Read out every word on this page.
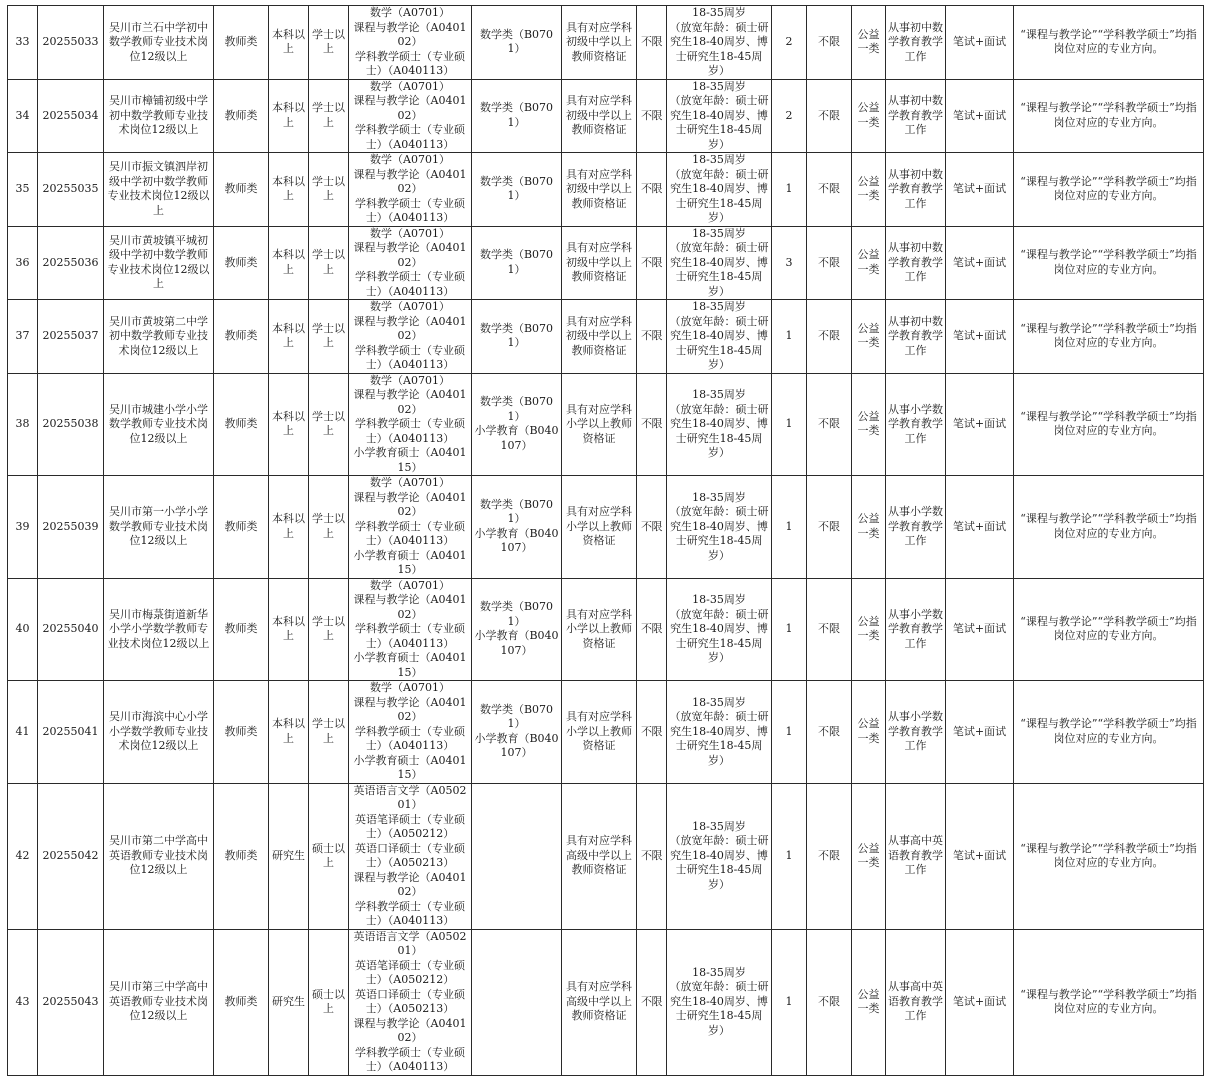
33	20255033	吴川市兰石中学初中数学教师专业技术岗位12级以上	教师类	本科以上	学士以上	数学（A0701）
课程与教学论（A040102）
学科教学硕士（专业硕士）（A040113）	数学类（B0701）	具有对应学科初级中学以上教师资格证	不限	18-35周岁
（放宽年龄：硕士研究生18-40周岁、博士研究生18-45周岁）	2	不限	公益一类	从事初中数学教育教学工作	笔试+面试	“课程与教学论”“学科教学硕士”均指岗位对应的专业方向。
34	20255034	吴川市樟铺初级中学初中数学教师专业技术岗位12级以上	教师类	本科以上	学士以上	数学（A0701）
课程与教学论（A040102）
学科教学硕士（专业硕士）（A040113）	数学类（B0701）	具有对应学科初级中学以上教师资格证	不限	18-35周岁
（放宽年龄：硕士研究生18-40周岁、博士研究生18-45周岁）	2	不限	公益一类	从事初中数学教育教学工作	笔试+面试	“课程与教学论”“学科教学硕士”均指岗位对应的专业方向。
35	20255035	吴川市振文镇泗岸初级中学初中数学教师专业技术岗位12级以上	教师类	本科以上	学士以上	数学（A0701）
课程与教学论（A040102）
学科教学硕士（专业硕士）（A040113）	数学类（B0701）	具有对应学科初级中学以上教师资格证	不限	18-35周岁
（放宽年龄：硕士研究生18-40周岁、博士研究生18-45周岁）	1	不限	公益一类	从事初中数学教育教学工作	笔试+面试	“课程与教学论”“学科教学硕士”均指岗位对应的专业方向。
36	20255036	吴川市黄坡镇平城初级中学初中数学教师专业技术岗位12级以上	教师类	本科以上	学士以上	数学（A0701）
课程与教学论（A040102）
学科教学硕士（专业硕士）（A040113）	数学类（B0701）	具有对应学科初级中学以上教师资格证	不限	18-35周岁
（放宽年龄：硕士研究生18-40周岁、博士研究生18-45周岁）	3	不限	公益一类	从事初中数学教育教学工作	笔试+面试	“课程与教学论”“学科教学硕士”均指岗位对应的专业方向。
37	20255037	吴川市黄坡第二中学初中数学教师专业技术岗位12级以上	教师类	本科以上	学士以上	数学（A0701）
课程与教学论（A040102）
学科教学硕士（专业硕士）（A040113）	数学类（B0701）	具有对应学科初级中学以上教师资格证	不限	18-35周岁
（放宽年龄：硕士研究生18-40周岁、博士研究生18-45周岁）	1	不限	公益一类	从事初中数学教育教学工作	笔试+面试	“课程与教学论”“学科教学硕士”均指岗位对应的专业方向。
38	20255038	吴川市城建小学小学数学教师专业技术岗位12级以上	教师类	本科以上	学士以上	数学（A0701）
课程与教学论（A040102）
学科教学硕士（专业硕士）（A040113）
小学教育硕士（A040115）	数学类（B0701）
小学教育（B040107）	具有对应学科小学以上教师资格证	不限	18-35周岁
（放宽年龄：硕士研究生18-40周岁、博士研究生18-45周岁）	1	不限	公益一类	从事小学数学教育教学工作	笔试+面试	“课程与教学论”“学科教学硕士”均指岗位对应的专业方向。
39	20255039	吴川市第一小学小学数学教师专业技术岗位12级以上	教师类	本科以上	学士以上	数学（A0701）
课程与教学论（A040102）
学科教学硕士（专业硕士）（A040113）
小学教育硕士（A040115）	数学类（B0701）
小学教育（B040107）	具有对应学科小学以上教师资格证	不限	18-35周岁
（放宽年龄：硕士研究生18-40周岁、博士研究生18-45周岁）	1	不限	公益一类	从事小学数学教育教学工作	笔试+面试	“课程与教学论”“学科教学硕士”均指岗位对应的专业方向。
40	20255040	吴川市梅菉街道新华小学小学数学教师专业技术岗位12级以上	教师类	本科以上	学士以上	数学（A0701）
课程与教学论（A040102）
学科教学硕士（专业硕士）（A040113）
小学教育硕士（A040115）	数学类（B0701）
小学教育（B040107）	具有对应学科小学以上教师资格证	不限	18-35周岁
（放宽年龄：硕士研究生18-40周岁、博士研究生18-45周岁）	1	不限	公益一类	从事小学数学教育教学工作	笔试+面试	“课程与教学论”“学科教学硕士”均指岗位对应的专业方向。
41	20255041	吴川市海滨中心小学小学数学教师专业技术岗位12级以上	教师类	本科以上	学士以上	数学（A0701）
课程与教学论（A040102）
学科教学硕士（专业硕士）（A040113）
小学教育硕士（A040115）	数学类（B0701）
小学教育（B040107）	具有对应学科小学以上教师资格证	不限	18-35周岁
（放宽年龄：硕士研究生18-40周岁、博士研究生18-45周岁）	1	不限	公益一类	从事小学数学教育教学工作	笔试+面试	“课程与教学论”“学科教学硕士”均指岗位对应的专业方向。
42	20255042	吴川市第二中学高中英语教师专业技术岗位12级以上	教师类	研究生	硕士以上	英语语言文学（A050201）
英语笔译硕士（专业硕士）（A050212）
英语口译硕士（专业硕士）（A050213）
课程与教学论（A040102）
学科教学硕士（专业硕士）（A040113）		具有对应学科高级中学以上教师资格证	不限	18-35周岁
（放宽年龄：硕士研究生18-40周岁、博士研究生18-45周岁）	1	不限	公益一类	从事高中英语教育教学工作	笔试+面试	“课程与教学论”“学科教学硕士”均指岗位对应的专业方向。
43	20255043	吴川市第三中学高中英语教师专业技术岗位12级以上	教师类	研究生	硕士以上	英语语言文学（A050201）
英语笔译硕士（专业硕士）（A050212）
英语口译硕士（专业硕士）（A050213）
课程与教学论（A040102）
学科教学硕士（专业硕士）（A040113）		具有对应学科高级中学以上教师资格证	不限	18-35周岁
（放宽年龄：硕士研究生18-40周岁、博士研究生18-45周岁）	1	不限	公益一类	从事高中英语教育教学工作	笔试+面试	“课程与教学论”“学科教学硕士”均指岗位对应的专业方向。
